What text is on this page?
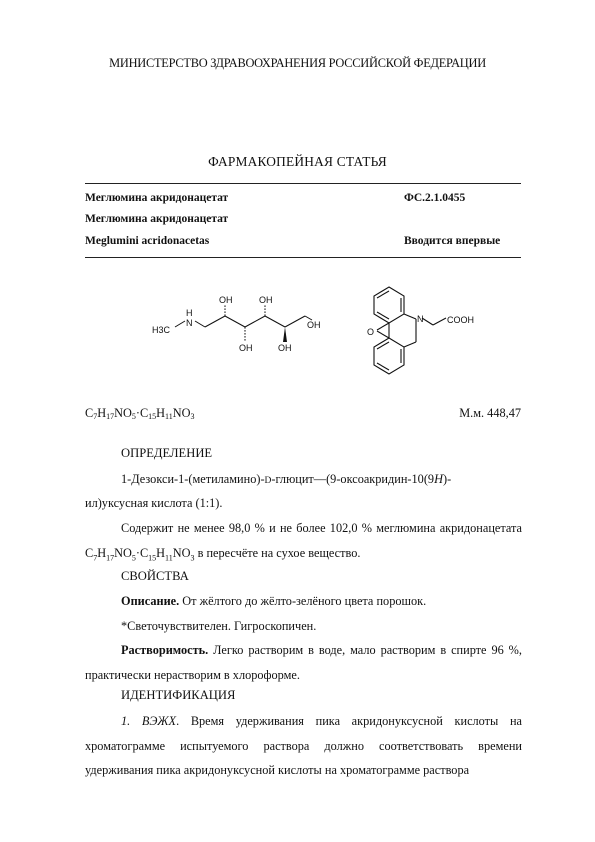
МИНИСТЕРСТВО ЗДРАВООХРАНЕНИЯ РОССИЙСКОЙ ФЕДЕРАЦИИ
ФАРМАКОПЕЙНАЯ СТАТЬЯ
Меглюмина акридонацетат	ФС.2.1.0455
Меглюмина акридонацетат
Meglumini acridonacetas	Вводится впервые
H3C
H
N
OH
OH
OH
OH
OH
N	COOH
O
$C_7H_{17}NO_5\cdot C_{15}H_{11}NO_3$	М.м. 448,47
ОПРЕДЕЛЕНИЕ
1-Дезокси-1-(метиламино)-D-глюцит—(9-оксоакридин-10(9H)-
ил)уксусная кислота (1:1).
Содержит не менее 98,0 % и не более 102,0 % меглюмина акридонацетата $C_7H_{17}NO_5\cdot C_{15}H_{11}NO_3$ в пересчёте на сухое вещество.
СВОЙСТВА
Описание. От жёлтого до жёлто-зелёного цвета порошок.
*Светочувствителен. Гигроскопичен.
Растворимость. Легко растворим в воде, мало растворим в спирте 96 %, практически нерастворим в хлороформе.
ИДЕНТИФИКАЦИЯ
1. ВЭЖХ. Время удерживания пика акридонуксусной кислоты на хроматограмме испытуемого раствора должно соответствовать времени удерживания пика акридонуксусной кислоты на хроматограмме раствора
